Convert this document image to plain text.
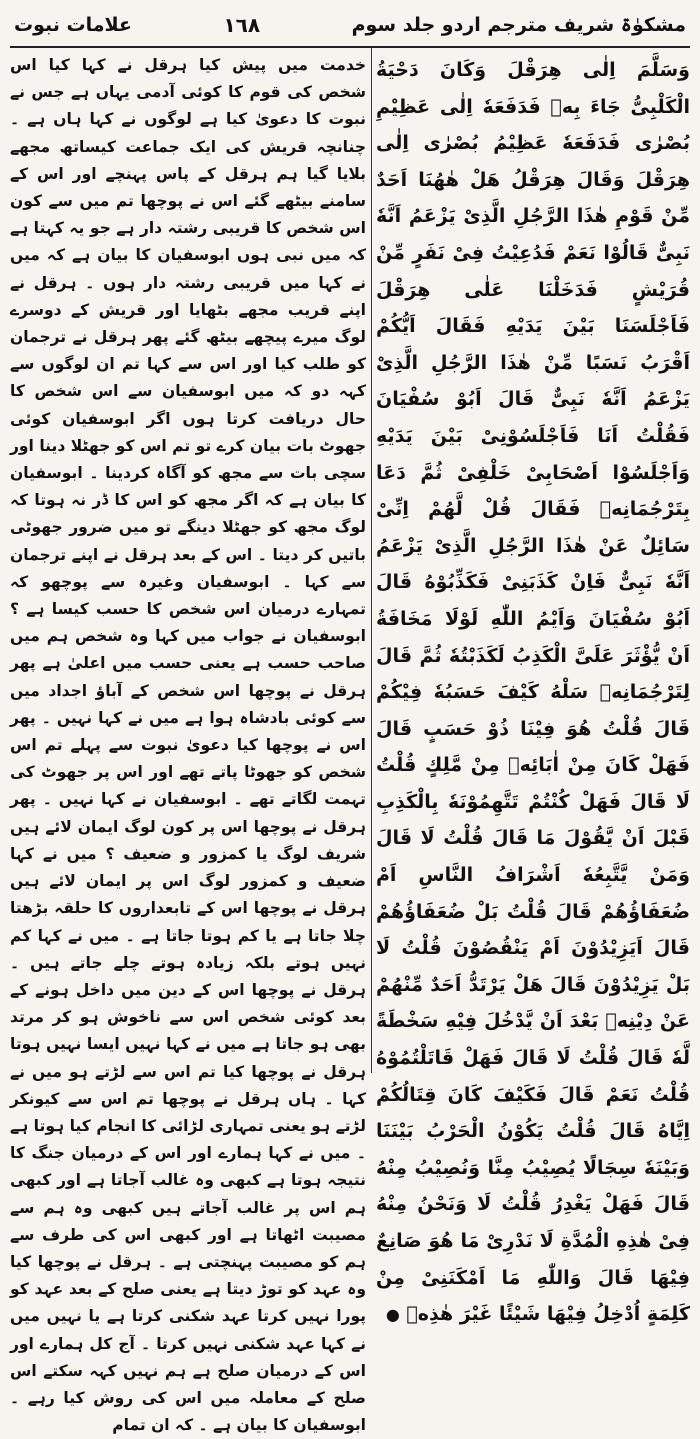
مشکوٰۃ شریف مترجم اردو جلد سوم
١٦٨
علامات نبوت

وَسَلَّمَ اِلٰی هِرَقْلَ وَكَانَ دَحْيَةُ الْكَلْبِیُّ جَاءَ بِهٖ فَدَفَعَهٗ اِلٰی عَظِيْمِ بُصْرٰی فَدَفَعَهٗ عَظِيْمُ بُصْرٰی اِلٰی هِرَقْلَ وَقَالَ هِرَقْلُ هَلْ هٰهُنَا اَحَدٌ مِّنْ قَوْمِ هٰذَا الرَّجُلِ الَّذِیْ يَزْعَمُ اَنَّهٗ نَبِیٌّ قَالُوْا نَعَمْ فَدُعِيْتُ فِیْ نَفَرٍ مِّنْ قُرَيْشٍ فَدَخَلْنَا عَلٰی هِرَقْلَ فَاَجْلَسَنَا بَيْنَ يَدَيْهِ فَقَالَ اَيُّكُمْ اَقْرَبُ نَسَبًا مِّنْ هٰذَا الرَّجُلِ الَّذِیْ يَزْعَمُ اَنَّهٗ نَبِیٌّ قَالَ اَبُوْ سُفْيَانَ فَقُلْتُ اَنَا فَاَجْلَسُوْنِیْ بَيْنَ يَدَيْهِ وَاَجْلَسُوْا اَصْحَابِیْ خَلْفِیْ ثُمَّ دَعَا بِتَرْجُمَانِهٖ فَقَالَ قُلْ لَّهُمْ اِنِّیْ سَائِلٌ عَنْ هٰذَا الرَّجُلِ الَّذِیْ يَزْعَمُ اَنَّهٗ نَبِیٌّ فَاِنْ كَذَبَنِیْ فَكَذِّبُوْهُ قَالَ اَبُوْ سُفْيَانَ وَاَيْمُ اللّٰهِ لَوْلَا مَخَافَةُ اَنْ يُّؤْثَرَ عَلَیَّ الْكَذِبُ لَكَذَبْتُهٗ ثُمَّ قَالَ لِتَرْجُمَانِهٖ سَلْهُ كَيْفَ حَسَبُهٗ فِيْكُمْ قَالَ قُلْتُ هُوَ فِيْنَا ذُوْ حَسَبٍ قَالَ فَهَلْ كَانَ مِنْ اٰبَائِهٖ مِنْ مَّلِكٍ قُلْتُ لَا قَالَ فَهَلْ كُنْتُمْ تَتَّهِمُوْنَهٗ بِالْكَذِبِ قَبْلَ اَنْ يَّقُوْلَ مَا قَالَ قُلْتُ لَا قَالَ وَمَنْ يَّتَّبِعُهٗ اَشْرَافُ النَّاسِ اَمْ ضُعَفَاؤُهُمْ قَالَ قُلْتُ بَلْ ضُعَفَاؤُهُمْ قَالَ اَيَزِيْدُوْنَ اَمْ يَنْقُصُوْنَ قُلْتُ لَا بَلْ يَزِيْدُوْنَ قَالَ هَلْ يَرْتَدُّ اَحَدٌ مِّنْهُمْ عَنْ دِيْنِهٖ بَعْدَ اَنْ يَّدْخُلَ فِيْهِ سَخْطَةً لَّهٗ قَالَ قُلْتُ لَا قَالَ فَهَلْ قَاتَلْتُمُوْهُ قُلْتُ نَعَمْ قَالَ فَكَيْفَ كَانَ قِتَالُكُمْ اِيَّاهُ قَالَ قُلْتُ يَكُوْنُ الْحَرْبُ بَيْنَنَا وَبَيْنَهٗ سِجَالًا يُصِيْبُ مِنَّا وَنُصِيْبُ مِنْهُ قَالَ فَهَلْ يَغْدِرُ قُلْتُ لَا وَنَحْنُ مِنْهُ فِیْ هٰذِهِ الْمُدَّةِ لَا نَدْرِیْ مَا هُوَ صَانِعٌ فِيْهَا قَالَ وَاللّٰهِ مَا اَمْكَنَنِیْ مِنْ كَلِمَةٍ اُدْخِلُ فِيْهَا شَيْئًا غَيْرَ هٰذِهٖ ●

خدمت میں پیش کیا ہرقل نے کہا کیا اس شخص کی قوم کا کوئی آدمی یہاں ہے جس نے نبوت کا دعویٰ کیا ہے لوگوں نے کہا ہاں ہے ۔ چنانچہ قریش کی ایک جماعت کیساتھ مجھے بلایا گیا ہم ہرقل کے پاس پہنچے اور اس کے سامنے بیٹھے گئے اس نے پوچھا تم میں سے کون اس شخص کا قریبی رشتہ دار ہے جو یہ کہتا ہے کہ میں نبی ہوں ابوسفیان کا بیان ہے کہ میں نے کہا میں قریبی رشتہ دار ہوں ۔ ہرقل نے اپنے قریب مجھے بٹھایا اور قریش کے دوسرے لوگ میرے پیچھے بیٹھ گئے پھر ہرقل نے ترجمان کو طلب کیا اور اس سے کہا تم ان لوگوں سے کہہ دو کہ میں ابوسفیان سے اس شخص کا حال دریافت کرتا ہوں اگر ابوسفیان کوئی جھوٹ بات بیان کرے تو تم اس کو جھٹلا دینا اور سچی بات سے مجھ کو آگاہ کردینا ۔ ابوسفیان کا بیان ہے کہ اگر مجھ کو اس کا ڈر نہ ہوتا کہ لوگ مجھ کو جھٹلا دینگے تو میں ضرور جھوٹی باتیں کر دیتا ۔ اس کے بعد ہرقل نے اپنے ترجمان سے کہا ۔ ابوسفیان وغیرہ سے پوچھو کہ تمہارے درمیان اس شخص کا حسب کیسا ہے ؟ ابوسفیان نے جواب میں کہا وہ شخص ہم میں صاحب حسب ہے یعنی حسب میں اعلیٰ ہے پھر ہرقل نے پوچھا اس شخص کے آباؤ اجداد میں سے کوئی بادشاہ ہوا ہے میں نے کہا نہیں ۔ پھر اس نے پوچھا کیا دعویٰ نبوت سے پہلے تم اس شخص کو جھوٹا پاتے تھے اور اس پر جھوٹ کی تہمت لگاتے تھے ۔ ابوسفیان نے کہا نہیں ۔ پھر ہرقل نے پوچھا اس پر کون لوگ ایمان لائے ہیں شریف لوگ یا کمزور و ضعیف ؟ میں نے کہا ضعیف و کمزور لوگ اس پر ایمان لائے ہیں ہرقل نے پوچھا اس کے تابعداروں کا حلقہ بڑھتا چلا جاتا ہے یا کم ہوتا جاتا ہے ۔ میں نے کہا کم نہیں ہوتے بلکہ زیادہ ہوتے چلے جاتے ہیں ۔ ہرقل نے پوچھا اس کے دین میں داخل ہونے کے بعد کوئی شخص اس سے ناخوش ہو کر مرتد بھی ہو جاتا ہے میں نے کہا نہیں ایسا نہیں ہوتا ہرقل نے پوچھا کیا تم اس سے لڑتے ہو میں نے کہا ۔ ہاں ہرقل نے پوچھا تم اس سے کیونکر لڑتے ہو یعنی تمہاری لڑائی کا انجام کیا ہوتا ہے ۔ میں نے کہا ہمارے اور اس کے درمیان جنگ کا نتیجہ ہوتا ہے کبھی وہ غالب آجاتا ہے اور کبھی ہم اس پر غالب آجاتے ہیں کبھی وہ ہم سے مصیبت اٹھاتا ہے اور کبھی اس کی طرف سے ہم کو مصیبت پہنچتی ہے ۔ ہرقل نے پوچھا کیا وہ عہد کو توڑ دیتا ہے یعنی صلح کے بعد عہد کو پورا نہیں کرتا عہد شکنی کرتا ہے یا نہیں میں نے کہا عہد شکنی نہیں کرتا ۔ آج کل ہمارے اور اس کے درمیان صلح ہے ہم نہیں کہہ سکتے اس صلح کے معاملہ میں اس کی روش کیا رہے ۔ ابوسفیان کا بیان ہے ۔ کہ ان تمام
